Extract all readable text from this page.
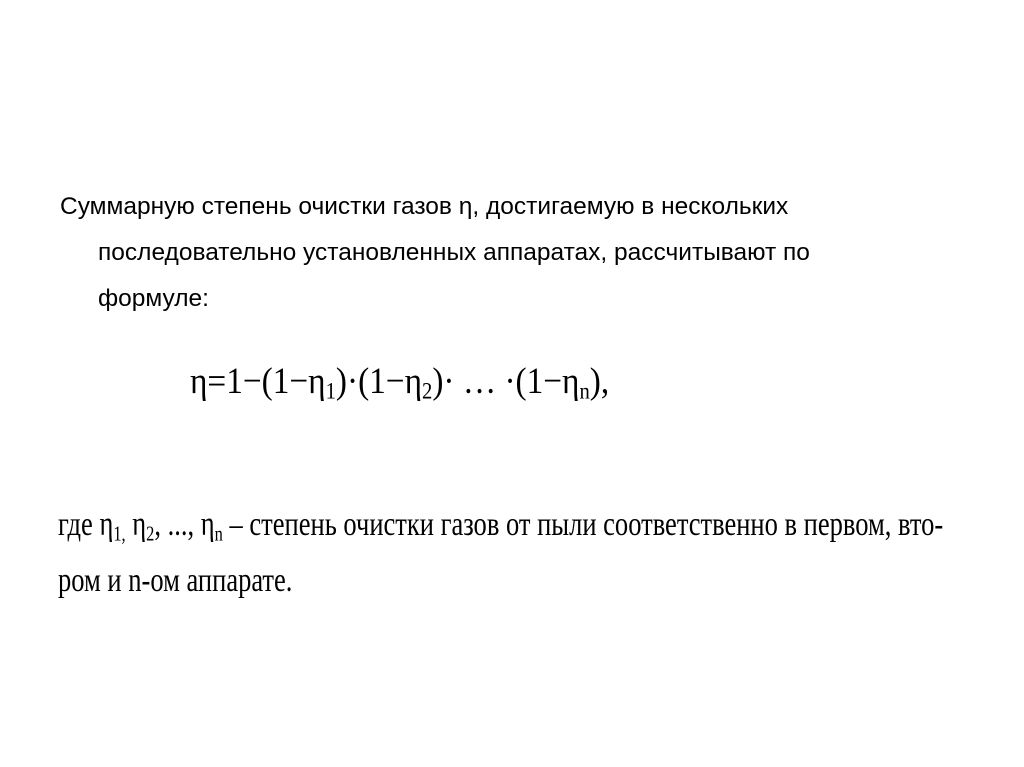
Суммарную степень очистки газов η, достигаемую в нескольких
последовательно установленных аппаратах, рассчитывают по
формуле:
$\eta=1-(1-\eta_1)\cdot(1-\eta_2)\cdot$ … $\cdot(1-\eta_n)$,
где $\eta_{1,}$ $\eta_2$, ..., $\eta_n$ – степень очистки газов от пыли соответственно в первом, вто-
ром и n-ом аппарате.
